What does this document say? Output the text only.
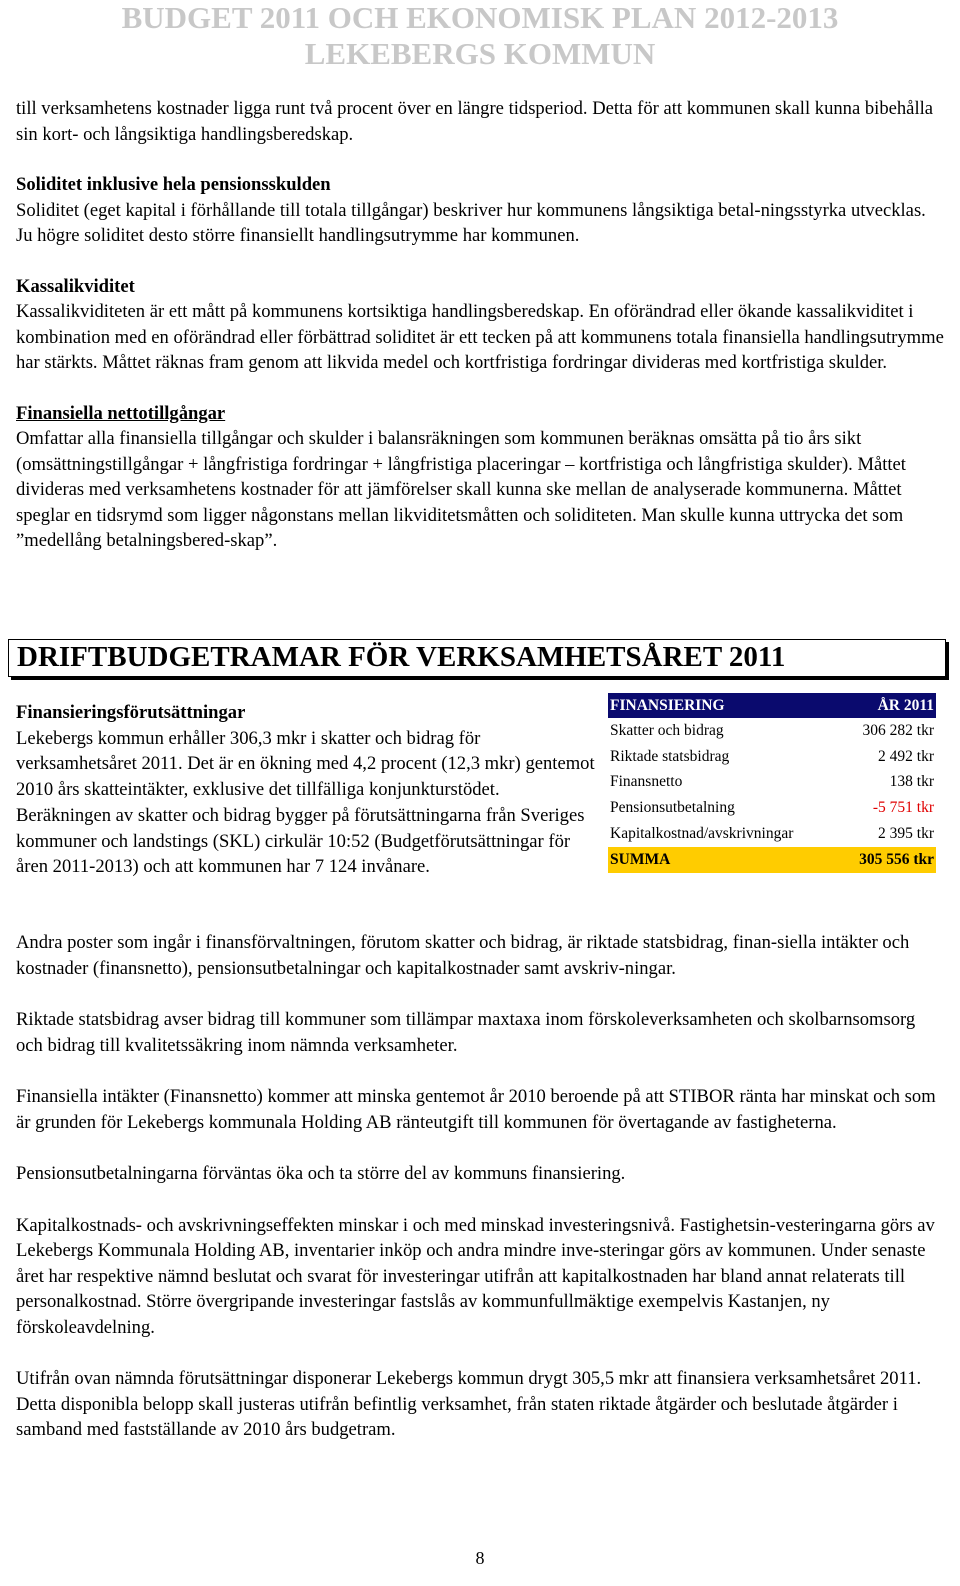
BUDGET 2011 OCH EKONOMISK PLAN 2012-2013
LEKEBERGS KOMMUN

till verksamhetens kostnader ligga runt två procent över en längre tidsperiod. Detta för att kommunen skall kunna bibehålla sin kort- och långsiktiga handlingsberedskap.

Soliditet inklusive hela pensionsskulden

Soliditet (eget kapital i förhållande till totala tillgångar) beskriver hur kommunens långsiktiga betal-ningsstyrka utvecklas. Ju högre soliditet desto större finansiellt handlingsutrymme har kommunen.

Kassalikviditet

Kassalikviditeten är ett mått på kommunens kortsiktiga handlingsberedskap. En oförändrad eller ökande kassalikviditet i kombination med en oförändrad eller förbättrad soliditet är ett tecken på att kommunens totala finansiella handlingsutrymme har stärkts. Måttet räknas fram genom att likvida medel och kortfristiga fordringar divideras med kortfristiga skulder.

Finansiella nettotillgångar

Omfattar alla finansiella tillgångar och skulder i balansräkningen som kommunen beräknas omsätta på tio års sikt (omsättningstillgångar + långfristiga fordringar + långfristiga placeringar – kortfristiga och långfristiga skulder). Måttet divideras med verksamhetens kostnader för att jämförelser skall kunna ske mellan de analyserade kommunerna. Måttet speglar en tidsrymd som ligger någonstans mellan likviditetsmåtten och soliditeten. Man skulle kunna uttrycka det som ”medellång betalningsbered-skap”.

DRIFTBUDGETRAMAR FÖR VERKSAMHETSÅRET 2011

Finansieringsförutsättningar

Lekebergs kommun erhåller 306,3 mkr i skatter och bidrag för verksamhetsåret 2011. Det är en ökning med 4,2 procent (12,3 mkr) gentemot 2010 års skatteintäkter, exklusive det tillfälliga konjunkturstödet. Beräkningen av skatter och bidrag bygger på förutsättningarna från Sveriges kommuner och landstings (SKL) cirkulär 10:52 (Budgetförutsättningar för åren 2011-2013) och att kommunen har 7 124 invånare.

FINANSIERING	ÅR 2011
Skatter och bidrag	306 282 tkr
Riktade statsbidrag	2 492 tkr
Finansnetto	138 tkr
Pensionsutbetalning	-5 751 tkr
Kapitalkostnad/avskrivningar	2 395 tkr
SUMMA	305 556 tkr

Andra poster som ingår i finansförvaltningen, förutom skatter och bidrag, är riktade statsbidrag, finan-siella intäkter och kostnader (finansnetto), pensionsutbetalningar och kapitalkostnader samt avskriv-ningar.

Riktade statsbidrag avser bidrag till kommuner som tillämpar maxtaxa inom förskoleverksamheten och skolbarnsomsorg och bidrag till kvalitetssäkring inom nämnda verksamheter.

Finansiella intäkter (Finansnetto) kommer att minska gentemot år 2010 beroende på att STIBOR ränta har minskat och som är grunden för Lekebergs kommunala Holding AB ränteutgift till kommunen för övertagande av fastigheterna.

Pensionsutbetalningarna förväntas öka och ta större del av kommuns finansiering.

Kapitalkostnads- och avskrivningseffekten minskar i och med minskad investeringsnivå. Fastighetsin-vesteringarna görs av Lekebergs Kommunala Holding AB, inventarier inköp och andra mindre inve-steringar görs av kommunen. Under senaste året har respektive nämnd beslutat och svarat för investeringar utifrån att kapitalkostnaden har bland annat relaterats till personalkostnad. Större övergripande investeringar fastslås av kommunfullmäktige exempelvis Kastanjen, ny förskoleavdelning.

Utifrån ovan nämnda förutsättningar disponerar Lekebergs kommun drygt 305,5 mkr att finansiera verksamhetsåret 2011. Detta disponibla belopp skall justeras utifrån befintlig verksamhet, från staten riktade åtgärder och beslutade åtgärder i samband med fastställande av 2010 års budgetram.

8
